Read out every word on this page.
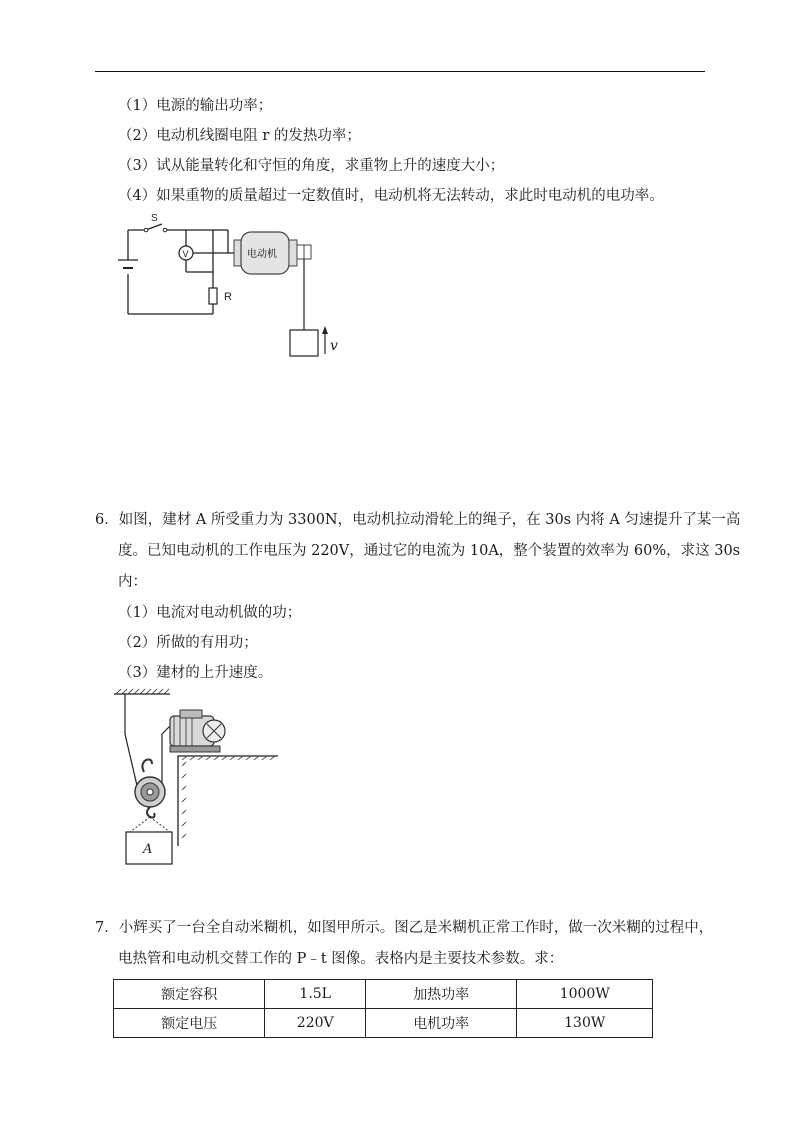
（1）电源的输出功率；
（2）电动机线圈电阻 r 的发热功率；
（3）试从能量转化和守恒的角度，求重物上升的速度大小；
（4）如果重物的质量超过一定数值时，电动机将无法转动，求此时电动机的电功率。
S
V
R
电动机
v
6．如图，建材 A 所受重力为 3300N，电动机拉动滑轮上的绳子，在 30s 内将 A 匀速提升了某一高
度。已知电动机的工作电压为 220V，通过它的电流为 10A，整个装置的效率为 60%，求这 30s
内：
（1）电流对电动机做的功；
（2）所做的有用功；
（3）建材的上升速度。
A
7．小辉买了一台全自动米糊机，如图甲所示。图乙是米糊机正常工作时，做一次米糊的过程中，
电热管和电动机交替工作的 P﹣t 图像。表格内是主要技术参数。求：
额定容积	1.5L	加热功率	1000W
额定电压	220V	电机功率	130W
